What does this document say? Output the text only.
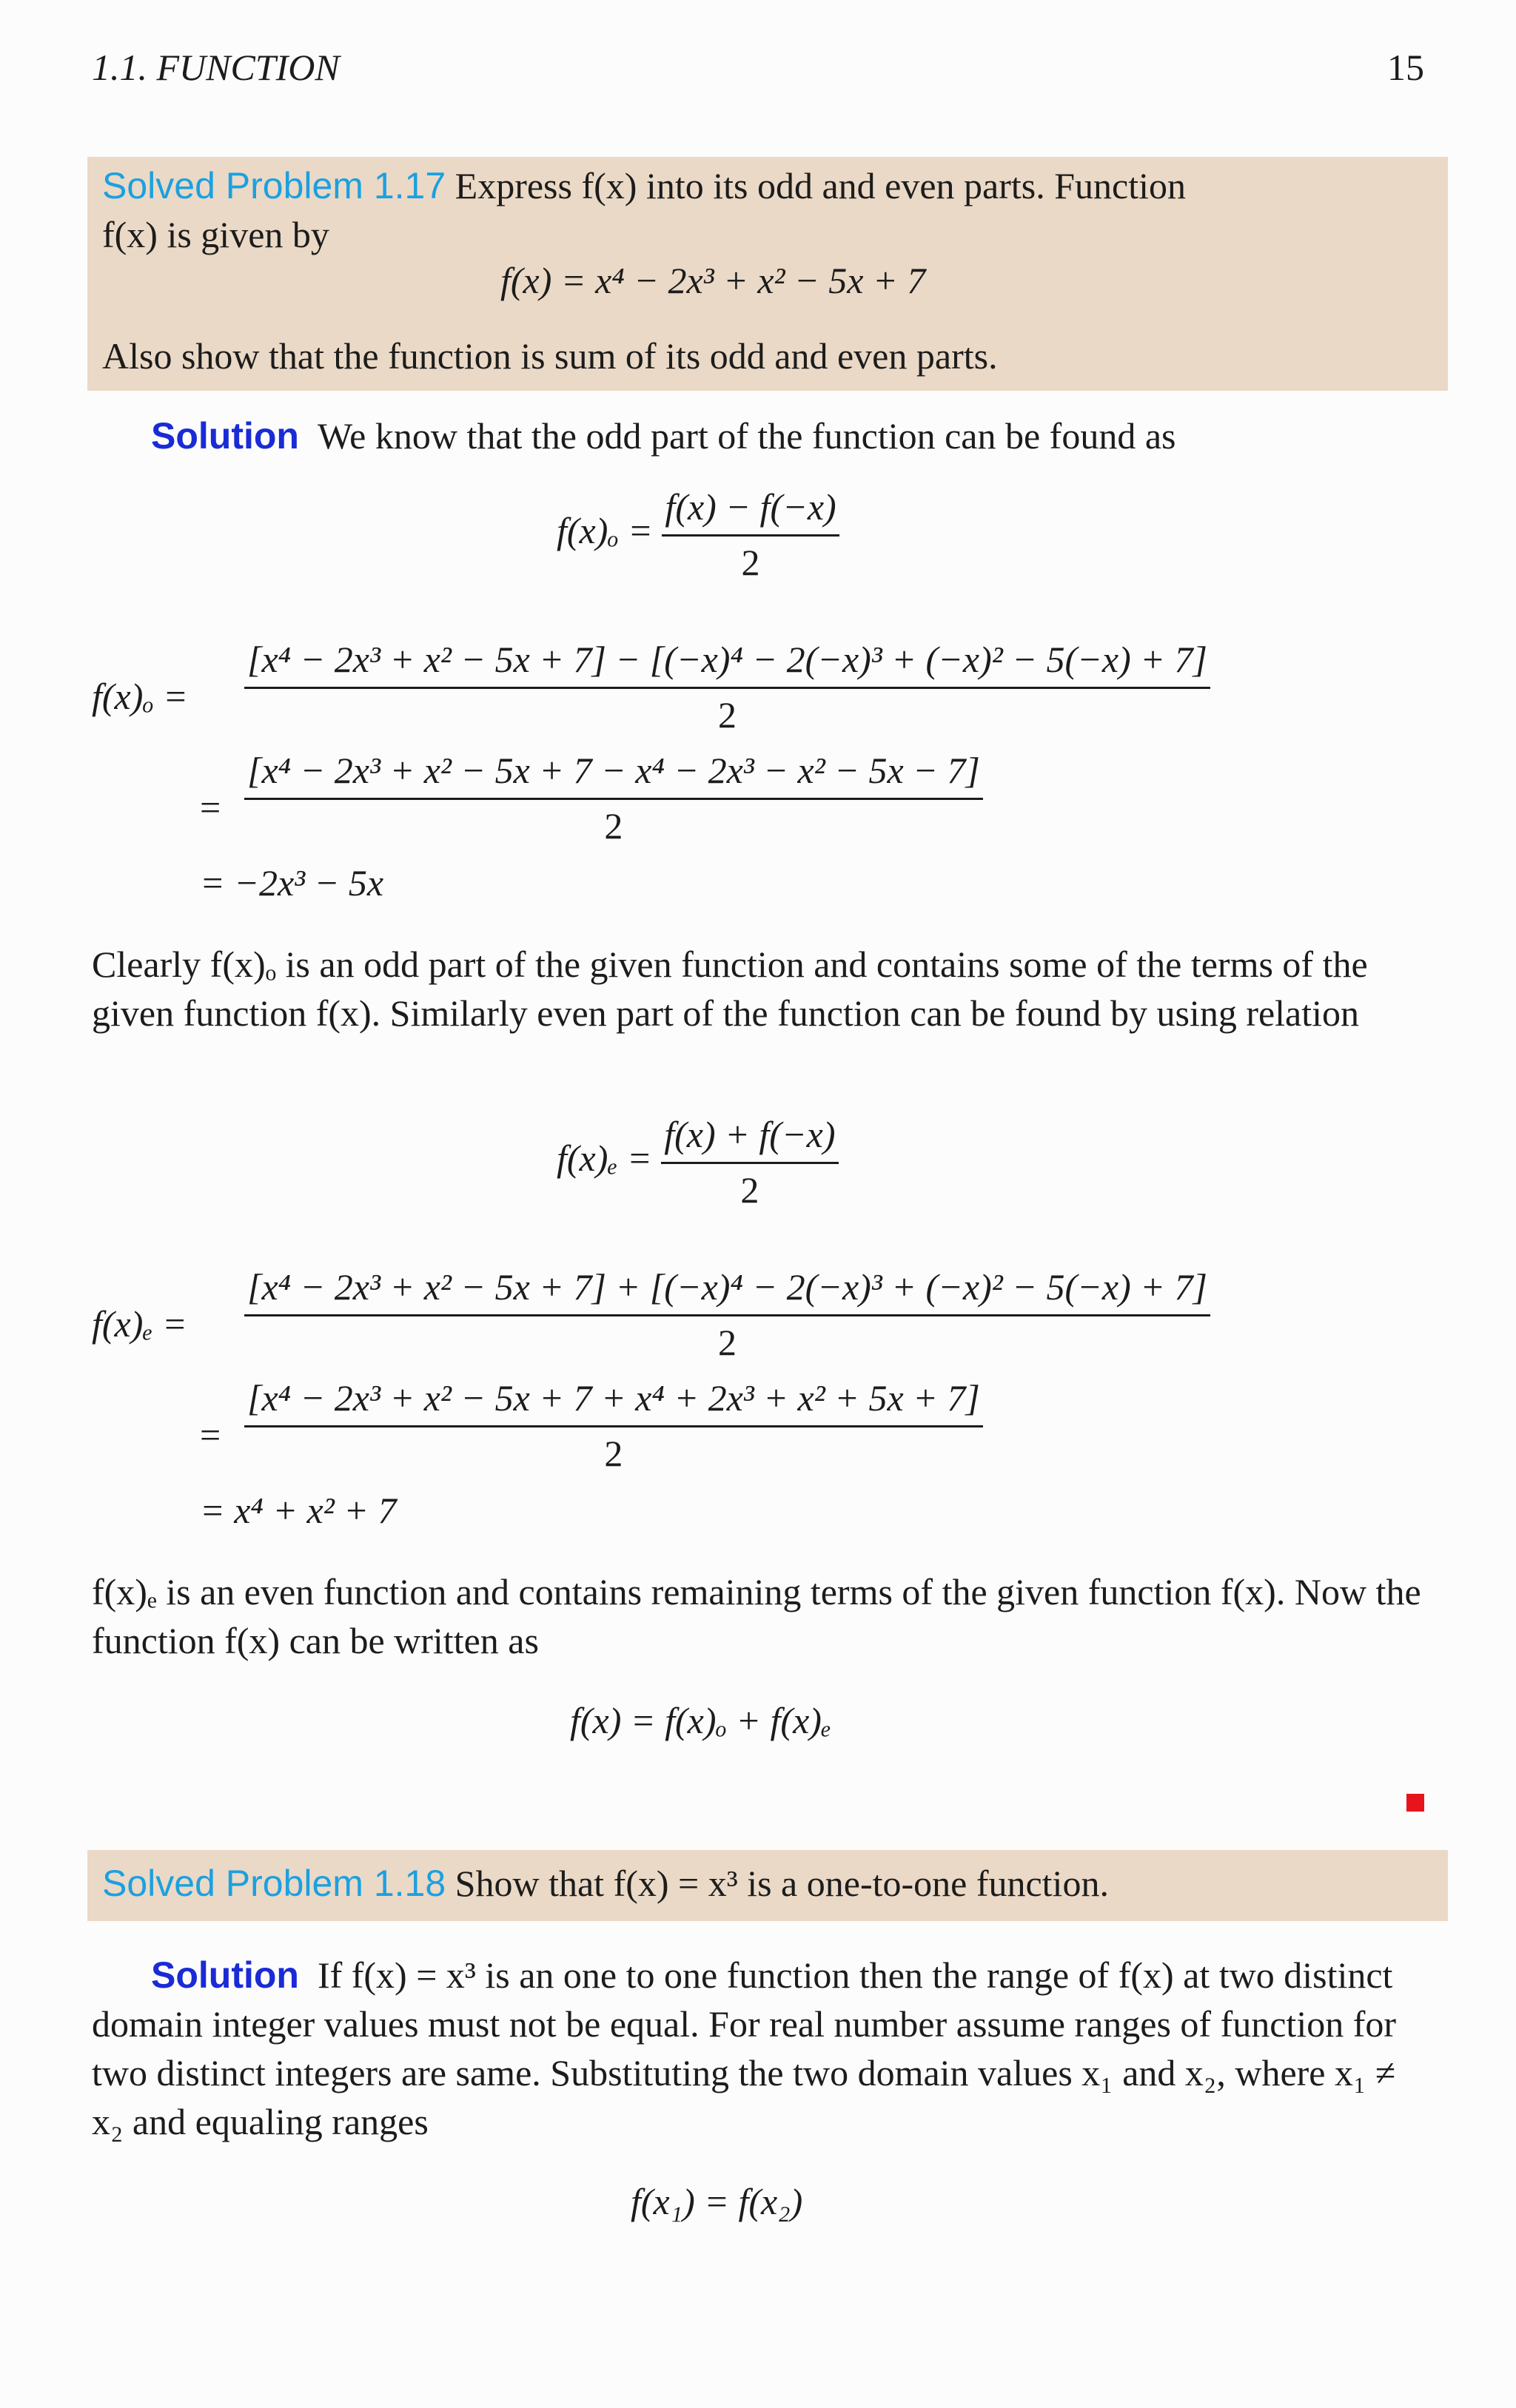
1.1. FUNCTION	15
Solved Problem 1.17 Express f(x) into its odd and even parts. Function
f(x) is given by
f(x) = x⁴ − 2x³ + x² − 5x + 7
Also show that the function is sum of its odd and even parts.
Solution We know that the odd part of the function can be found as
$f(x)_o = \frac{f(x) - f(-x)}{2}$
f(x)ₒ =
[x⁴ − 2x³ + x² − 5x + 7] − [(−x)⁴ − 2(−x)³ + (−x)² − 5(−x) + 7]
2
= $\frac{\text{[x⁴ − 2x³ + x² − 5x + 7 − x⁴ − 2x³ − x² − 5x − 7]}}{2}$
= −2x³ − 5x
Clearly f(x)ₒ is an odd part of the given function and contains some of the terms of the given function f(x). Similarly even part of the function can be found by using relation
$f(x)_e = \frac{f(x) + f(-x)}{2}$
f(x)ₑ =
[x⁴ − 2x³ + x² − 5x + 7] + [(−x)⁴ − 2(−x)³ + (−x)² − 5(−x) + 7]
2
= $\frac{\text{[x⁴ − 2x³ + x² − 5x + 7 + x⁴ + 2x³ + x² + 5x + 7]}}{2}$
= x⁴ + x² + 7
f(x)ₑ is an even function and contains remaining terms of the given function f(x). Now the function f(x) can be written as
f(x) = f(x)ₒ + f(x)ₑ
Solved Problem 1.18 Show that f(x) = x³ is a one-to-one function.
Solution If f(x) = x³ is an one to one function then the range of f(x) at two distinct domain integer values must not be equal. For real number assume ranges of function for two distinct integers are same. Substituting the two domain values x₁ and x₂, where x₁ ≠ x₂ and equaling ranges
f(x₁) = f(x₂)
